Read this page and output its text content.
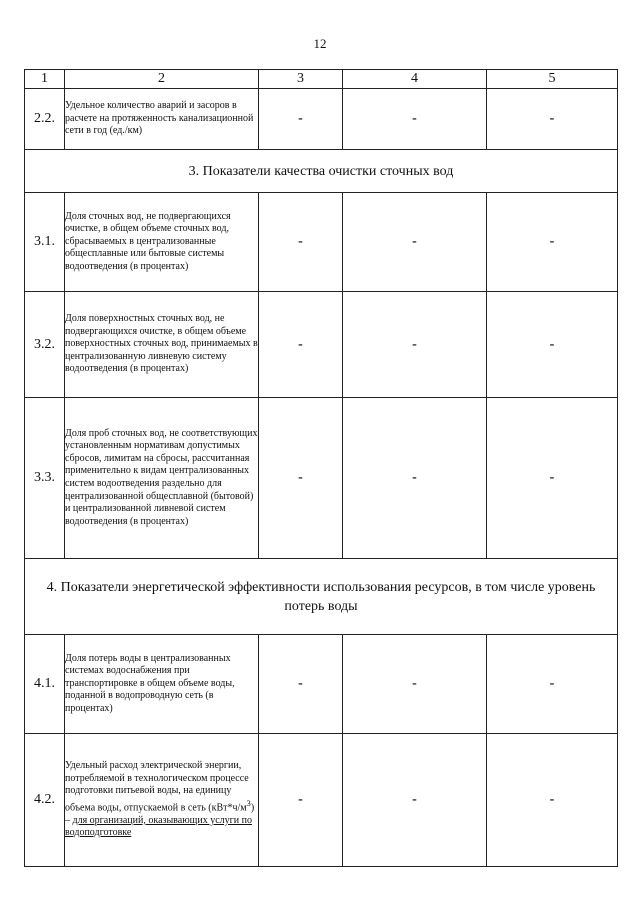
12
1	2	3	4	5
2.2.	Удельное количество аварий и засоров в расчете на протяженность канализационной сети в год (ед./км)	-	-	-
3. Показатели качества очистки сточных вод				
3.1.	Доля сточных вод, не подвергающихся очистке, в общем объеме сточных вод, сбрасываемых в централизованные общесплавные или бытовые системы водоотведения (в процентах)	-	-	-
3.2.	Доля поверхностных сточных вод, не подвергающихся очистке, в общем объеме поверхностных сточных вод, принимаемых в централизованную ливневую систему водоотведения (в процентах)	-	-	-
3.3.	Доля проб сточных вод, не соответствующих установленным нормативам допустимых сбросов, лимитам на сбросы, рассчитанная применительно к видам централизованных систем водоотведения раздельно для централизованной общесплавной (бытовой) и централизованной ливневой систем водоотведения (в процентах)	-	-	-
4. Показатели энергетической эффективности использования ресурсов, в том числе уровень потерь воды				
4.1.	Доля потерь воды в централизованных системах водоснабжения при транспортировке в общем объеме воды, поданной в водопроводную сеть (в процентах)	-	-	-
4.2.	Удельный расход электрической энергии, потребляемой в технологическом процессе подготовки питьевой воды, на единицу объема воды, отпускаемой в сеть $(кВт*ч/м^3)$ – для организаций, оказывающих услуги по водоподготовке	-	-	-
